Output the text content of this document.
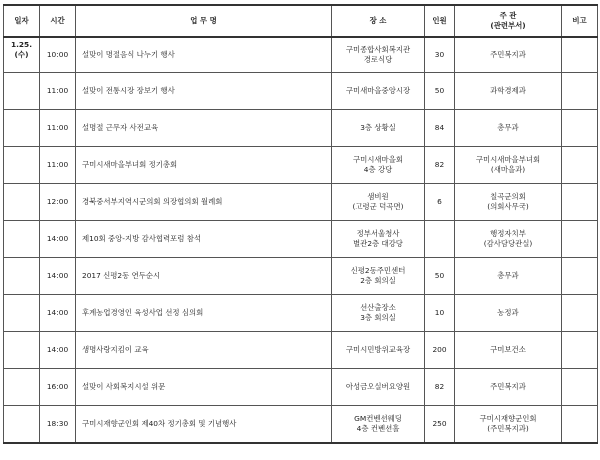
일자	시간	업 무 명	장 소	인원	주 관
(관련부서)	비고

1.25.
(수)	10:00	설맞이 명절음식 나누기 행사	구미종합사회복지관
경로식당	30	주민복지과	

	11:00	설맞이 전통시장 장보기 행사	구미새마을중앙시장	50	과학경제과	

	11:00	설명절 근무자 사전교육	3층 상황실	84	총무과	

	11:00	구미시새마을부녀회 정기총회	구미시새마을회
4층 강당	82	구미시새마을부녀회
(새마을과)	

	12:00	경북중서부지역시군의회 의장협의회 월례회	샘비원
(고령군 덕곡면)	6	칠곡군의회
(의회사무국)	

	14:00	제10회 중앙-지방 감사협력포럼 참석	정부서울청사
별관2층 대강당		행정자치부
(감사담당관실)	

	14:00	2017 신평2동 연두순시	신평2동주민센터
2층 회의실	50	총무과	

	14:00	후계농업경영인 육성사업 선정 심의회	선산출장소
3층 회의실	10	농정과	

	14:00	생명사랑지킴이 교육	구미시민방위교육장	200	구미보건소	

	16:00	설맞이 사회복지시설 위문	아성금오실버요양원	82	주민복지과	

	18:30	구미시재향군인회 제40차 정기총회 및 기념행사	GM컨벤션웨딩
4층 컨벤션홀	250	구미시재향군인회
(주민복지과)	
